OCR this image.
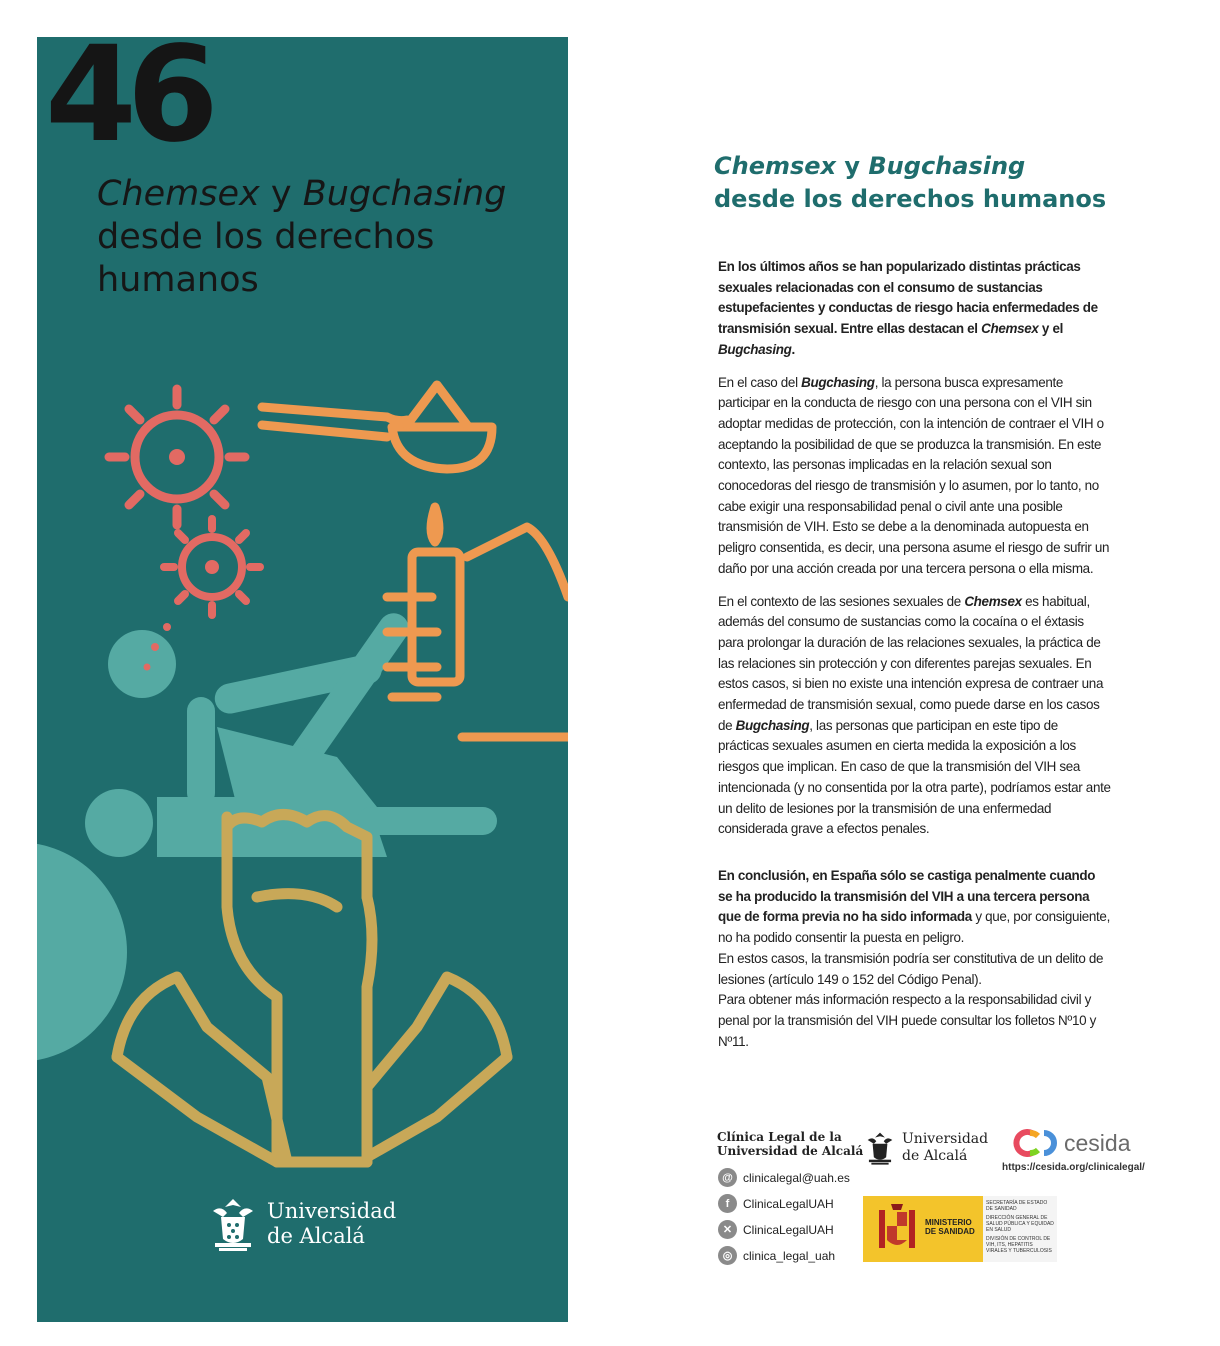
46
Chemsex y Bugchasing desde los derechos humanos
Universidad
de Alcalá
Chemsex y Bugchasing
desde los derechos humanos

En los últimos años se han popularizado distintas prácticas sexuales relacionadas con el consumo de sustancias estupefacientes y conductas de riesgo hacia enfermedades de transmisión sexual. Entre ellas destacan el Chemsex y el Bugchasing.

En el caso del Bugchasing, la persona busca expresamente participar en la conducta de riesgo con una persona con el VIH sin adoptar medidas de protección, con la intención de contraer el VIH o aceptando la posibilidad de que se produzca la transmisión. En este contexto, las personas implicadas en la relación sexual son conocedoras del riesgo de transmisión y lo asumen, por lo tanto, no cabe exigir una responsabilidad penal o civil ante una posible transmisión de VIH. Esto se debe a la denominada autopuesta en peligro consentida, es decir, una persona asume el riesgo de sufrir un daño por una acción creada por una tercera persona o ella misma.

En el contexto de las sesiones sexuales de Chemsex es habitual, además del consumo de sustancias como la cocaína o el éxtasis para prolongar la duración de las relaciones sexuales, la práctica de las relaciones sin protección y con diferentes parejas sexuales. En estos casos, si bien no existe una intención expresa de contraer una enfermedad de transmisión sexual, como puede darse en los casos de Bugchasing, las personas que participan en este tipo de prácticas sexuales asumen en cierta medida la exposición a los riesgos que implican. En caso de que la transmisión del VIH sea intencionada (y no consentida por la otra parte), podríamos estar ante un delito de lesiones por la transmisión de una enfermedad considerada grave a efectos penales.

En conclusión, en España sólo se castiga penalmente cuando se ha producido la transmisión del VIH a una tercera persona que de forma previa no ha sido informada y que, por consiguiente, no ha podido consentir la puesta en peligro.

En estos casos, la transmisión podría ser constitutiva de un delito de lesiones (artículo 149 o 152 del Código Penal).

Para obtener más información respecto a la responsabilidad civil y penal por la transmisión del VIH puede consultar los folletos Nº10 y Nº11.

Clínica Legal de la
Universidad de Alcalá
@ clinicalegal@uah.es
f	ClinicaLegalUAH
✕ ClinicaLegalUAH
◎ clinica_legal_uah
Universidad
de Alcalá
cesida
https://cesida.org/clinicalegal/
MINISTERIO
DE SANIDAD
SECRETARÍA DE ESTADO DE SANIDAD
DIRECCIÓN GENERAL DE SALUD PÚBLICA Y EQUIDAD EN SALUD
DIVISIÓN DE CONTROL DE VIH, ITS, HEPATITIS VIRALES Y TUBERCULOSIS
